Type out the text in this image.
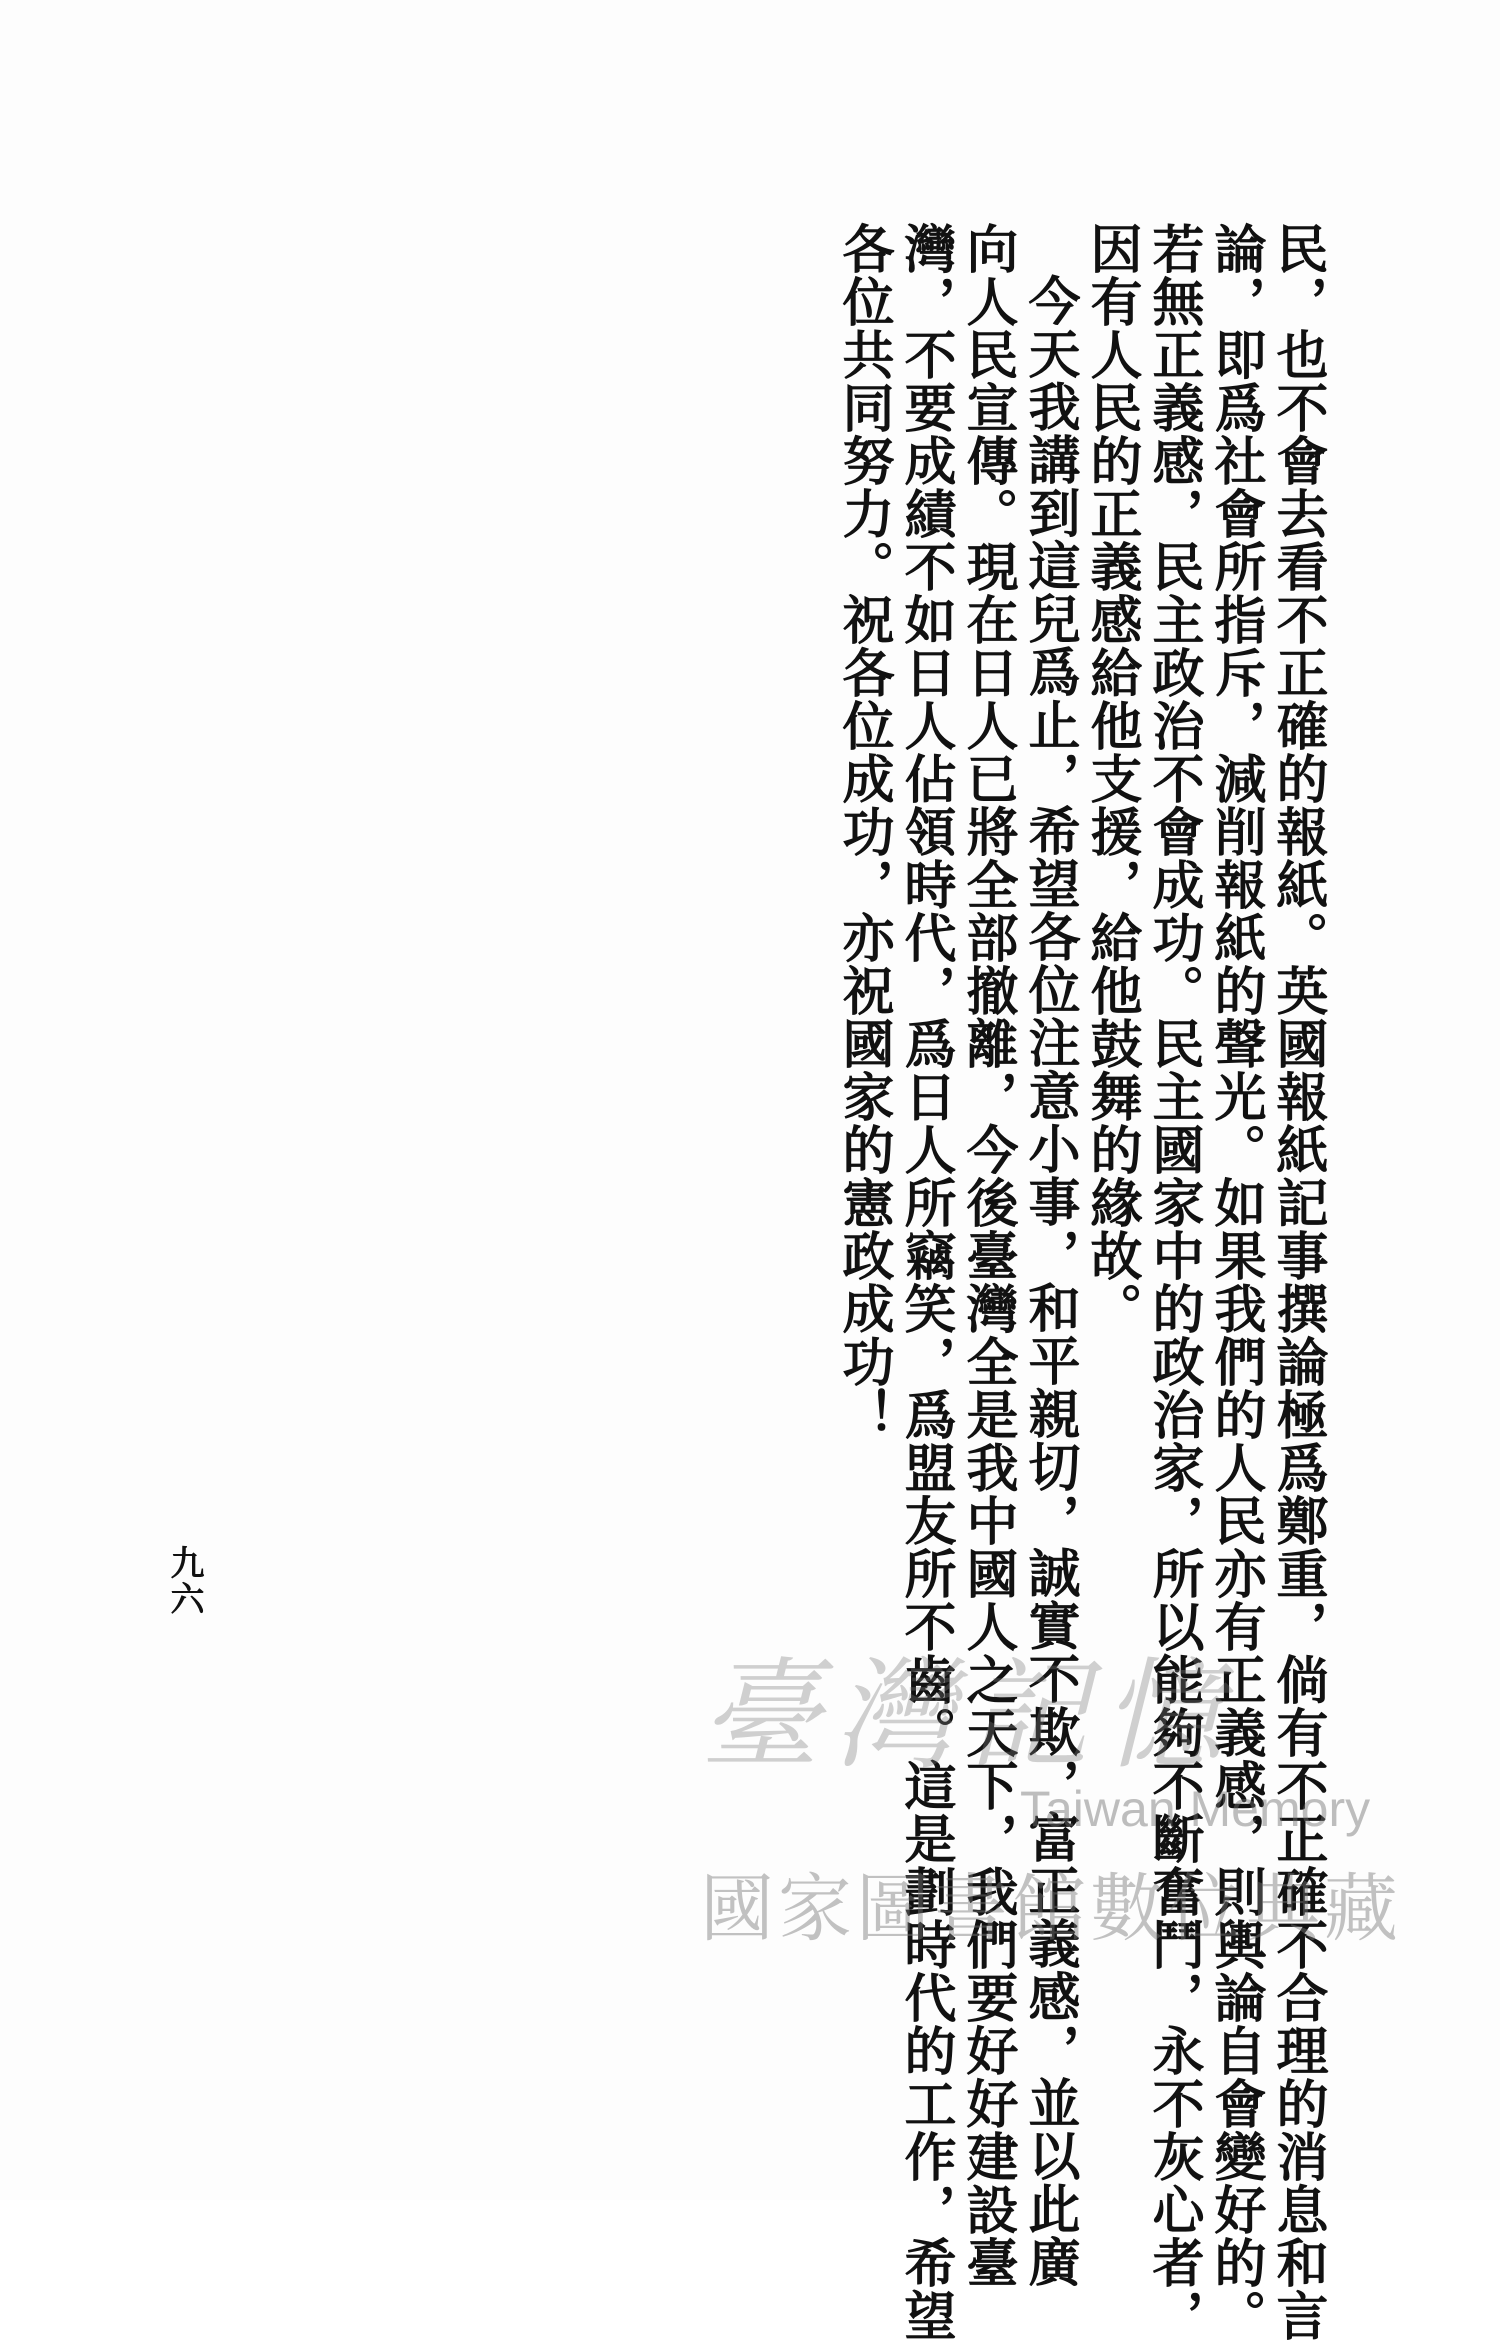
民，也不會去看不正確的報紙。英國報紙記事撰論極爲鄭重，倘有不正確不合理的消息和言
論，即爲社會所指斥，減削報紙的聲光。如果我們的人民亦有正義感，則輿論自會變好的。
若無正義感，民主政治不會成功。民主國家中的政治家，所以能夠不斷奮鬥，永不灰心者，
因有人民的正義感給他支援，給他鼓舞的緣故。
今天我講到這兒爲止，希望各位注意小事，和平親切，誠實不欺，富正義感，並以此廣
向人民宣傳。現在日人已將全部撤離，今後臺灣全是我中國人之天下，我們要好好建設臺
灣，不要成績不如日人佔領時代，爲日人所竊笑，爲盟友所不齒。這是劃時代的工作，希望
各位共同努力。祝各位成功，亦祝國家的憲政成功！
九六
臺灣記憶
Taiwan Memory
國家圖書館數位典藏
